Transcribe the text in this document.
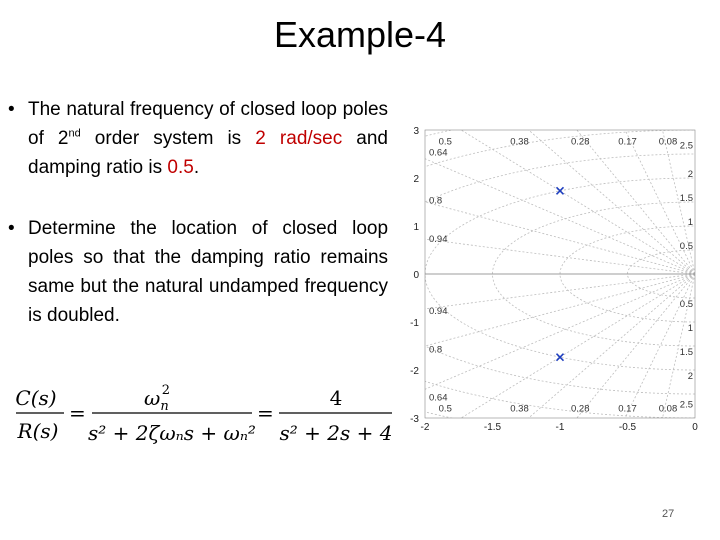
Example-4
• The natural frequency of closed loop poles of 2nd order system is 2 rad/sec and damping ratio is 0.5.
• Determine the location of closed loop poles so that the damping ratio remains same but the natural undamped frequency is doubled.
C(s)
R(s)
=
$\omega_n2$
s² + 2ζωₙs + ωₙ²
=
4
s² + 2s + 4	-2	-1.5	-1	-0.5	0
3
2
1
0
-1
-2
-3
0.64
0.8
0.94
0.94
0.8
0.64
0.5	0.38	0.28	0.17 0.08
0.5	0.38	0.28	0.17 0.08
2.5
2
1.5
1
0.5
0.5
1
1.5
2
2.5
27
